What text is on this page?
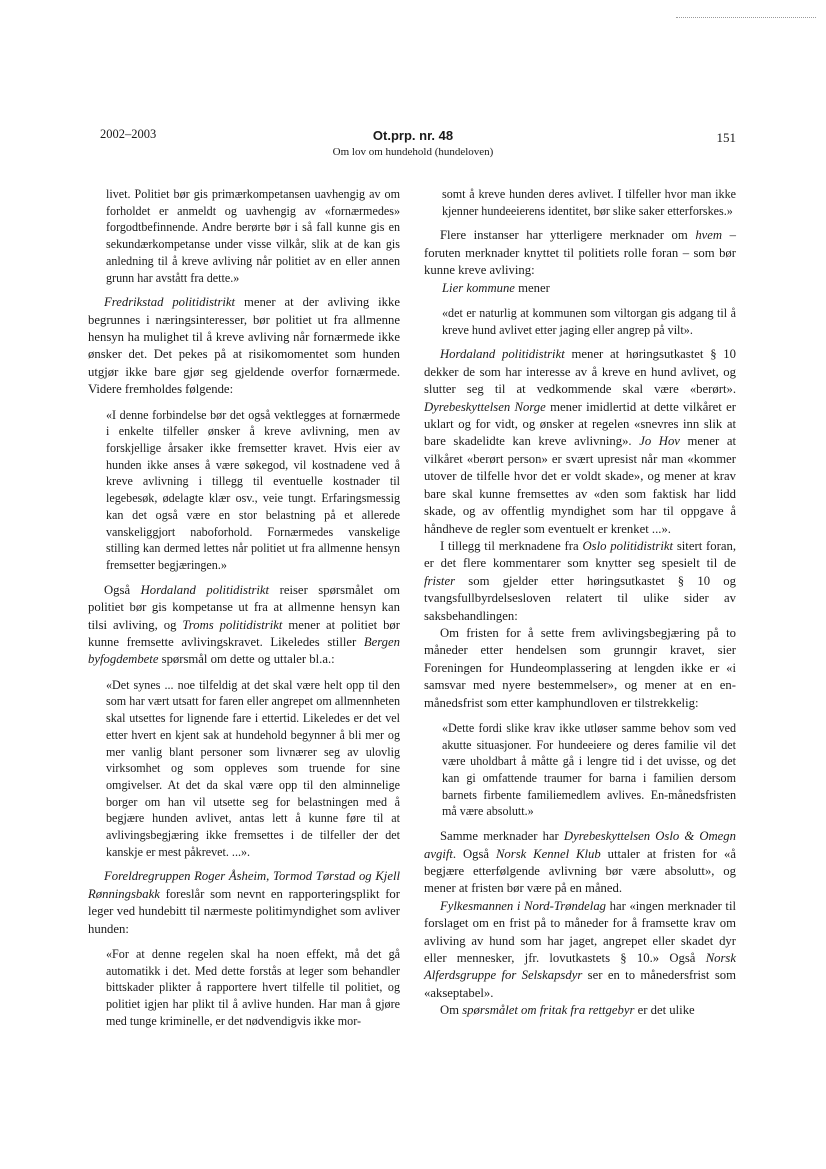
2002–2003	Ot.prp. nr. 48
Om lov om hundehold (hundeloven)
151

livet. Politiet bør gis primærkompetansen uavhengig av om forholdet er anmeldt og uavhengig av «fornærmedes» forgodtbefinnende. Andre berørte bør i så fall kunne gis en sekundærkompetanse under visse vilkår, slik at de kan gis anledning til å kreve avliving når politiet av en eller annen grunn har avstått fra dette.»

Fredrikstad politidistrikt mener at der avliving ikke begrunnes i næringsinteresser, bør politiet ut fra allmenne hensyn ha mulighet til å kreve avliving når fornærmede ikke ønsker det. Det pekes på at risikomomentet som hunden utgjør ikke bare gjør seg gjeldende overfor fornærmede. Videre fremholdes følgende:

«I denne forbindelse bør det også vektlegges at fornærmede i enkelte tilfeller ønsker å kreve avlivning, men av forskjellige årsaker ikke fremsetter kravet. Hvis eier av hunden ikke anses å være søkegod, vil kostnadene ved å kreve avlivning i tillegg til eventuelle kostnader til legebesøk, ødelagte klær osv., veie tungt. Erfaringsmessig kan det også være en stor belastning på et allerede vanskeliggjort naboforhold. Fornærmedes vanskelige stilling kan dermed lettes når politiet ut fra allmenne hensyn fremsetter begjæringen.»

Også Hordaland politidistrikt reiser spørsmålet om politiet bør gis kompetanse ut fra at allmenne hensyn kan tilsi avliving, og Troms politidistrikt mener at politiet bør kunne fremsette avlivingskravet. Likeledes stiller Bergen byfogdembete spørsmål om dette og uttaler bl.a.:

«Det synes ... noe tilfeldig at det skal være helt opp til den som har vært utsatt for faren eller angrepet om allmennheten skal utsettes for lignende fare i ettertid. Likeledes er det vel etter hvert en kjent sak at hundehold begynner å bli mer og mer vanlig blant personer som livnærer seg av ulovlig virksomhet og som oppleves som truende for sine omgivelser. At det da skal være opp til den alminnelige borger om han vil utsette seg for belastningen med å begjære hunden avlivet, antas lett å kunne føre til at avlivingsbegjæring ikke fremsettes i de tilfeller der det kanskje er mest påkrevet. ...».

Foreldregruppen Roger Åsheim, Tormod Tørstad og Kjell Rønningsbakk foreslår som nevnt en rapporteringsplikt for leger ved hundebitt til nærmeste politimyndighet som avliver hunden:

«For at denne regelen skal ha noen effekt, må det gå automatikk i det. Med dette forstås at leger som behandler bittskader plikter å rapportere hvert tilfelle til politiet, og politiet igjen har plikt til å avlive hunden. Har man å gjøre med tunge kriminelle, er det nødvendigvis ikke mor-

somt å kreve hunden deres avlivet. I tilfeller hvor man ikke kjenner hundeeierens identitet, bør slike saker etterforskes.»

Flere instanser har ytterligere merknader om hvem – foruten merknader knyttet til politiets rolle foran – som bør kunne kreve avliving:

Lier kommune mener

«det er naturlig at kommunen som viltorgan gis adgang til å kreve hund avlivet etter jaging eller angrep på vilt».

Hordaland politidistrikt mener at høringsutkastet § 10 dekker de som har interesse av å kreve en hund avlivet, og slutter seg til at vedkommende skal være «berørt». Dyrebeskyttelsen Norge mener imidlertid at dette vilkåret er uklart og for vidt, og ønsker at regelen «snevres inn slik at bare skadelidte kan kreve avlivning». Jo Hov mener at vilkåret «berørt person» er svært upresist når man «kommer utover de tilfelle hvor det er voldt skade», og mener at krav bare skal kunne fremsettes av «den som faktisk har lidd skade, og av offentlig myndighet som har til oppgave å håndheve de regler som eventuelt er krenket ...».

I tillegg til merknadene fra Oslo politidistrikt sitert foran, er det flere kommentarer som knytter seg spesielt til de frister som gjelder etter høringsutkastet § 10 og tvangsfullbyrdelsesloven relatert til ulike sider av saksbehandlingen:

Om fristen for å sette frem avlivingsbegjæring på to måneder etter hendelsen som grunngir kravet, sier Foreningen for Hundeomplassering at lengden ikke er «i samsvar med nyere bestemmelser», og mener at en en-månedsfrist som etter kamphundloven er tilstrekkelig:

«Dette fordi slike krav ikke utløser samme behov som ved akutte situasjoner. For hundeeiere og deres familie vil det være uholdbart å måtte gå i lengre tid i det uvisse, og det kan gi omfattende traumer for barna i familien dersom barnets firbente familiemedlem avlives. En-månedsfristen må være absolutt.»

Samme merknader har Dyrebeskyttelsen Oslo & Omegn avgift. Også Norsk Kennel Klub uttaler at fristen for «å begjære etterfølgende avlivning bør være absolutt», og mener at fristen bør være på en måned.

Fylkesmannen i Nord-Trøndelag har «ingen merknader til forslaget om en frist på to måneder for å framsette krav om avliving av hund som har jaget, angrepet eller skadet dyr eller mennesker, jfr. lovutkastets § 10.» Også Norsk Alferdsgruppe for Selskapsdyr ser en to månedersfrist som «akseptabel».

Om spørsmålet om fritak fra rettgebyr er det ulike
